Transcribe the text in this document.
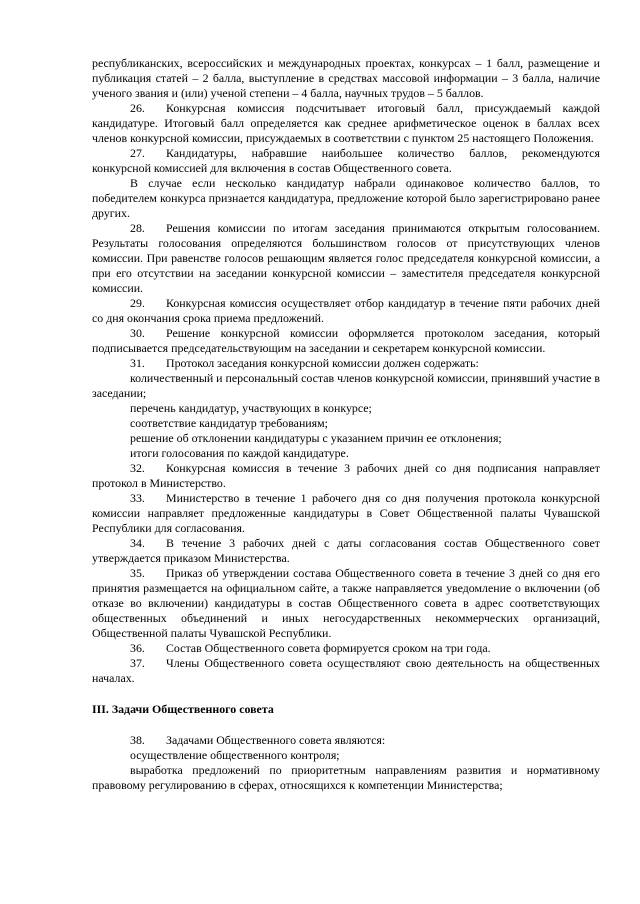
республиканских, всероссийских и международных проектах, конкурсах – 1 балл, размещение и публикация статей – 2 балла, выступление в средствах массовой информации – 3 балла, наличие ученого звания и (или) ученой степени – 4 балла, научных трудов – 5 баллов.

26. Конкурсная комиссия подсчитывает итоговый балл, присуждаемый каждой кандидатуре. Итоговый балл определяется как среднее арифметическое оценок в баллах всех членов конкурсной комиссии, присуждаемых в соответствии с пунктом 25 настоящего Положения.

27. Кандидатуры, набравшие наибольшее количество баллов, рекомендуются конкурсной комиссией для включения в состав Общественного совета.

В случае если несколько кандидатур набрали одинаковое количество баллов, то победителем конкурса признается кандидатура, предложение которой было зарегистрировано ранее других.

28. Решения комиссии по итогам заседания принимаются открытым голосованием. Результаты голосования определяются большинством голосов от присутствующих членов комиссии. При равенстве голосов решающим является голос председателя конкурсной комиссии, а при его отсутствии на заседании конкурсной комиссии – заместителя председателя конкурсной комиссии.

29. Конкурсная комиссия осуществляет отбор кандидатур в течение пяти рабочих дней со дня окончания срока приема предложений.

30. Решение конкурсной комиссии оформляется протоколом заседания, который подписывается председательствующим на заседании и секретарем конкурсной комиссии.

31. Протокол заседания конкурсной комиссии должен содержать:

количественный и персональный состав членов конкурсной комиссии, принявший участие в заседании;

перечень кандидатур, участвующих в конкурсе;

соответствие кандидатур требованиям;

решение об отклонении кандидатуры с указанием причин ее отклонения;

итоги голосования по каждой кандидатуре.

32. Конкурсная комиссия в течение 3 рабочих дней со дня подписания направляет протокол в Министерство.

33. Министерство в течение 1 рабочего дня со дня получения протокола конкурсной комиссии направляет предложенные кандидатуры в Совет Общественной палаты Чувашской Республики для согласования.

34. В течение 3 рабочих дней с даты согласования состав Общественного совет утверждается приказом Министерства.

35. Приказ об утверждении состава Общественного совета в течение 3 дней со дня его принятия размещается на официальном сайте, а также направляется уведомление о включении (об отказе во включении) кандидатуры в состав Общественного совета в адрес соответствующих общественных объединений и иных негосударственных некоммерческих организаций, Общественной палаты Чувашской Республики.

36. Состав Общественного совета формируется сроком на три года.

37. Члены Общественного совета осуществляют свою деятельность на общественных началах.

III. Задачи Общественного совета

38. Задачами Общественного совета являются:

осуществление общественного контроля;

выработка предложений по приоритетным направлениям развития и нормативному правовому регулированию в сферах, относящихся к компетенции Министерства;
